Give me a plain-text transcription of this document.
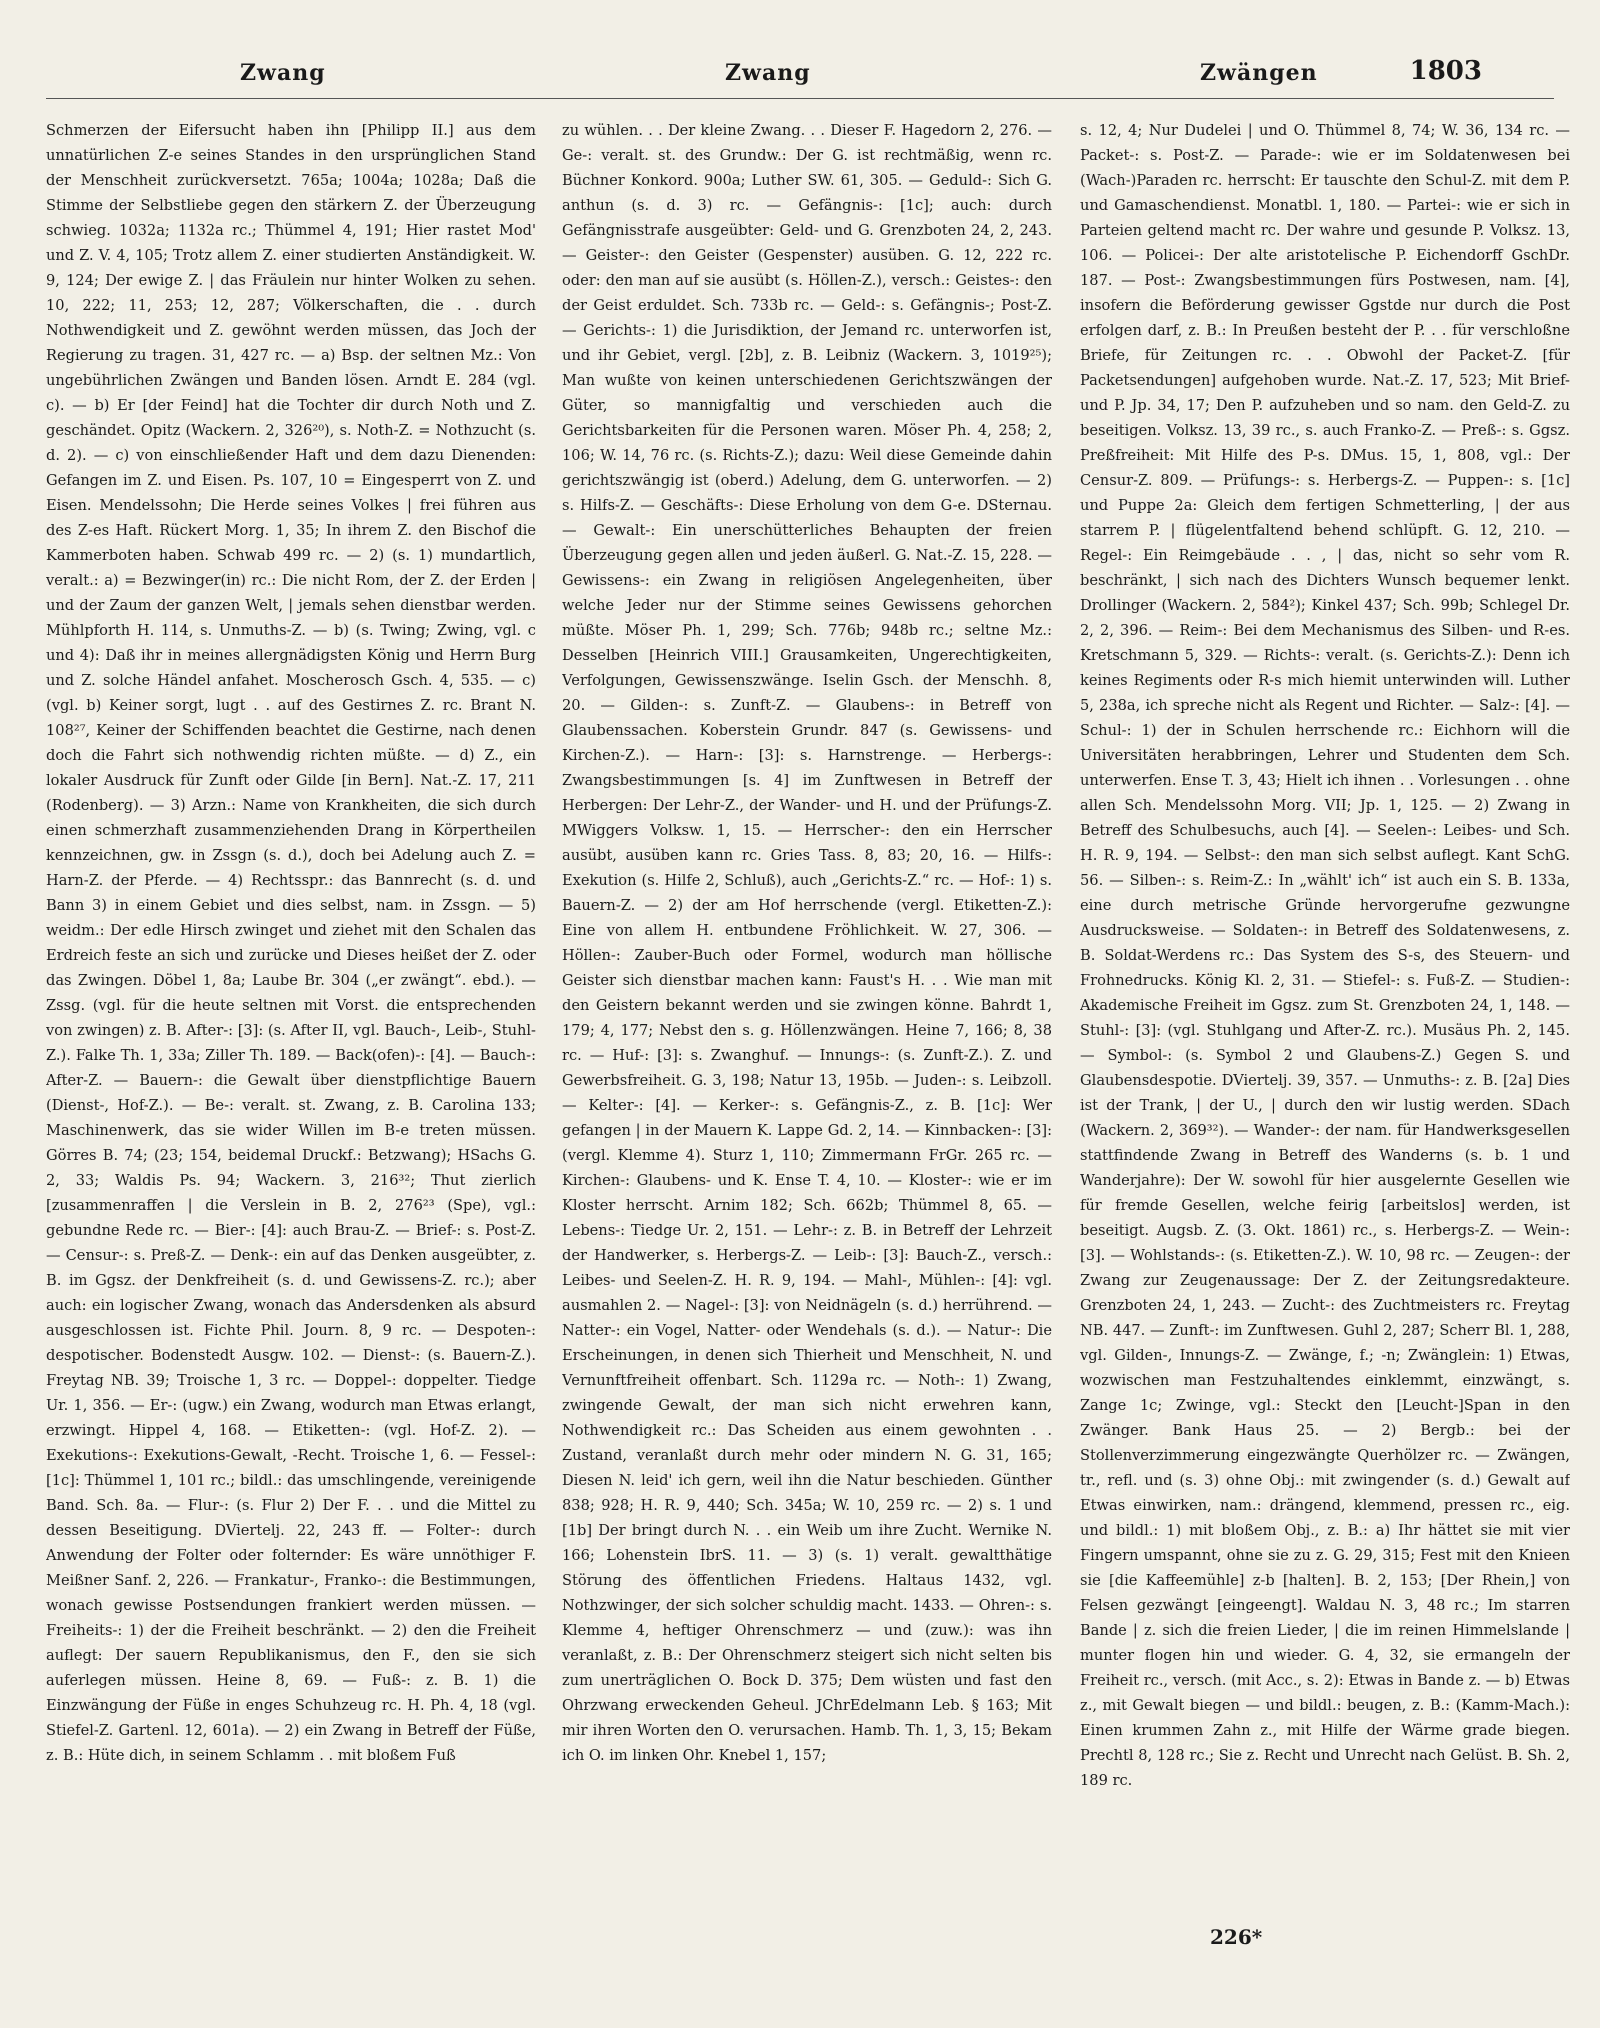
Zwang	Zwang	Zwängen	1803

Schmerzen der Eifersucht haben ihn [Philipp II.] aus dem unnatürlichen Z-e seines Standes in den ursprünglichen Stand der Menschheit zurückversetzt. 765a; 1004a; 1028a; Daß die Stimme der Selbstliebe gegen den stärkern Z. der Überzeugung schwieg. 1032a; 1132a rc.; Thümmel 4, 191; Hier rastet Mod' und Z. V. 4, 105; Trotz allem Z. einer studierten Anständigkeit. W. 9, 124; Der ewige Z. | das Fräulein nur hinter Wolken zu sehen. 10, 222; 11, 253; 12, 287; Völkerschaften, die . . durch Nothwendigkeit und Z. gewöhnt werden müssen, das Joch der Regierung zu tragen. 31, 427 rc. — a) Bsp. der seltnen Mz.: Von ungebührlichen Zwängen und Banden lösen. Arndt E. 284 (vgl. c). — b) Er [der Feind] hat die Tochter dir durch Noth und Z. geschändet. Opitz (Wackern. 2, 326²⁰), s. Noth-Z. = Nothzucht (s. d. 2). — c) von einschließender Haft und dem dazu Dienenden: Gefangen im Z. und Eisen. Ps. 107, 10 = Eingesperrt von Z. und Eisen. Mendelssohn; Die Herde seines Volkes | frei führen aus des Z-es Haft. Rückert Morg. 1, 35; In ihrem Z. den Bischof die Kammerboten haben. Schwab 499 rc. — 2) (s. 1) mundartlich, veralt.: a) = Bezwinger(in) rc.: Die nicht Rom, der Z. der Erden | und der Zaum der ganzen Welt, | jemals sehen dienstbar werden. Mühlpforth H. 114, s. Unmuths-Z. — b) (s. Twing; Zwing, vgl. c und 4): Daß ihr in meines allergnädigsten König und Herrn Burg und Z. solche Händel anfahet. Moscherosch Gsch. 4, 535. — c) (vgl. b) Keiner sorgt, lugt . . auf des Gestirnes Z. rc. Brant N. 108²⁷, Keiner der Schiffenden beachtet die Gestirne, nach denen doch die Fahrt sich nothwendig richten müßte. — d) Z., ein lokaler Ausdruck für Zunft oder Gilde [in Bern]. Nat.-Z. 17, 211 (Rodenberg). — 3) Arzn.: Name von Krankheiten, die sich durch einen schmerzhaft zusammenziehenden Drang in Körpertheilen kennzeichnen, gw. in Zssgn (s. d.), doch bei Adelung auch Z. = Harn-Z. der Pferde. — 4) Rechtsspr.: das Bannrecht (s. d. und Bann 3) in einem Gebiet und dies selbst, nam. in Zssgn. — 5) weidm.: Der edle Hirsch zwinget und ziehet mit den Schalen das Erdreich feste an sich und zurücke und Dieses heißet der Z. oder das Zwingen. Döbel 1, 8a; Laube Br. 304 („er zwängt“. ebd.). — Zssg. (vgl. für die heute seltnen mit Vorst. die entsprechenden von zwingen) z. B. After-: [3]: (s. After II, vgl. Bauch-, Leib-, Stuhl-Z.). Falke Th. 1, 33a; Ziller Th. 189. — Back(ofen)-: [4]. — Bauch-: After-Z. — Bauern-: die Gewalt über dienstpflichtige Bauern (Dienst-, Hof-Z.). — Be-: veralt. st. Zwang, z. B. Carolina 133; Maschinenwerk, das sie wider Willen im B-e treten müssen. Görres B. 74; (23; 154, beidemal Druckf.: Betzwang); HSachs G. 2, 33; Waldis Ps. 94; Wackern. 3, 216³²; Thut zierlich [zusammenraffen | die Verslein in B. 2, 276²³ (Spe), vgl.: gebundne Rede rc. — Bier-: [4]: auch Brau-Z. — Brief-: s. Post-Z. — Censur-: s. Preß-Z. — Denk-: ein auf das Denken ausgeübter, z. B. im Ggsz. der Denkfreiheit (s. d. und Gewissens-Z. rc.); aber auch: ein logischer Zwang, wonach das Andersdenken als absurd ausgeschlossen ist. Fichte Phil. Journ. 8, 9 rc. — Despoten-: despotischer. Bodenstedt Ausgw. 102. — Dienst-: (s. Bauern-Z.). Freytag NB. 39; Troische 1, 3 rc. — Doppel-: doppelter. Tiedge Ur. 1, 356. — Er-: (ugw.) ein Zwang, wodurch man Etwas erlangt, erzwingt. Hippel 4, 168. — Etiketten-: (vgl. Hof-Z. 2). — Exekutions-: Exekutions-Gewalt, -Recht. Troische 1, 6. — Fessel-: [1c]: Thümmel 1, 101 rc.; bildl.: das umschlingende, vereinigende Band. Sch. 8a. — Flur-: (s. Flur 2) Der F. . . und die Mittel zu dessen Beseitigung. DViertelj. 22, 243 ff. — Folter-: durch Anwendung der Folter oder folternder: Es wäre unnöthiger F. Meißner Sanf. 2, 226. — Frankatur-, Franko-: die Bestimmungen, wonach gewisse Postsendungen frankiert werden müssen. — Freiheits-: 1) der die Freiheit beschränkt. — 2) den die Freiheit auflegt: Der sauern Republikanismus, den F., den sie sich auferlegen müssen. Heine 8, 69. — Fuß-: z. B. 1) die Einzwängung der Füße in enges Schuhzeug rc. H. Ph. 4, 18 (vgl. Stiefel-Z. Gartenl. 12, 601a). — 2) ein Zwang in Betreff der Füße, z. B.: Hüte dich, in seinem Schlamm . . mit bloßem Fuß

zu wühlen. . . Der kleine Zwang. . . Dieser F. Hagedorn 2, 276. — Ge-: veralt. st. des Grundw.: Der G. ist rechtmäßig, wenn rc. Büchner Konkord. 900a; Luther SW. 61, 305. — Geduld-: Sich G. anthun (s. d. 3) rc. — Gefängnis-: [1c]; auch: durch Gefängnisstrafe ausgeübter: Geld- und G. Grenzboten 24, 2, 243. — Geister-: den Geister (Gespenster) ausüben. G. 12, 222 rc. oder: den man auf sie ausübt (s. Höllen-Z.), versch.: Geistes-: den der Geist erduldet. Sch. 733b rc. — Geld-: s. Gefängnis-; Post-Z. — Gerichts-: 1) die Jurisdiktion, der Jemand rc. unterworfen ist, und ihr Gebiet, vergl. [2b], z. B. Leibniz (Wackern. 3, 1019²⁵); Man wußte von keinen unterschiedenen Gerichtszwängen der Güter, so mannigfaltig und verschieden auch die Gerichtsbarkeiten für die Personen waren. Möser Ph. 4, 258; 2, 106; W. 14, 76 rc. (s. Richts-Z.); dazu: Weil diese Gemeinde dahin gerichtszwängig ist (oberd.) Adelung, dem G. unterworfen. — 2) s. Hilfs-Z. — Geschäfts-: Diese Erholung von dem G-e. DSternau. — Gewalt-: Ein unerschütterliches Behaupten der freien Überzeugung gegen allen und jeden äußerl. G. Nat.-Z. 15, 228. — Gewissens-: ein Zwang in religiösen Angelegenheiten, über welche Jeder nur der Stimme seines Gewissens gehorchen müßte. Möser Ph. 1, 299; Sch. 776b; 948b rc.; seltne Mz.: Desselben [Heinrich VIII.] Grausamkeiten, Ungerechtigkeiten, Verfolgungen, Gewissenszwänge. Iselin Gsch. der Menschh. 8, 20. — Gilden-: s. Zunft-Z. — Glaubens-: in Betreff von Glaubenssachen. Koberstein Grundr. 847 (s. Gewissens- und Kirchen-Z.). — Harn-: [3]: s. Harnstrenge. — Herbergs-: Zwangsbestimmungen [s. 4] im Zunftwesen in Betreff der Herbergen: Der Lehr-Z., der Wander- und H. und der Prüfungs-Z. MWiggers Volksw. 1, 15. — Herrscher-: den ein Herrscher ausübt, ausüben kann rc. Gries Tass. 8, 83; 20, 16. — Hilfs-: Exekution (s. Hilfe 2, Schluß), auch „Gerichts-Z.“ rc. — Hof-: 1) s. Bauern-Z. — 2) der am Hof herrschende (vergl. Etiketten-Z.): Eine von allem H. entbundene Fröhlichkeit. W. 27, 306. — Höllen-: Zauber-Buch oder Formel, wodurch man höllische Geister sich dienstbar machen kann: Faust's H. . . Wie man mit den Geistern bekannt werden und sie zwingen könne. Bahrdt 1, 179; 4, 177; Nebst den s. g. Höllenzwängen. Heine 7, 166; 8, 38 rc. — Huf-: [3]: s. Zwanghuf. — Innungs-: (s. Zunft-Z.). Z. und Gewerbsfreiheit. G. 3, 198; Natur 13, 195b. — Juden-: s. Leibzoll. — Kelter-: [4]. — Kerker-: s. Gefängnis-Z., z. B. [1c]: Wer gefangen | in der Mauern K. Lappe Gd. 2, 14. — Kinnbacken-: [3]: (vergl. Klemme 4). Sturz 1, 110; Zimmermann FrGr. 265 rc. — Kirchen-: Glaubens- und K. Ense T. 4, 10. — Kloster-: wie er im Kloster herrscht. Arnim 182; Sch. 662b; Thümmel 8, 65. — Lebens-: Tiedge Ur. 2, 151. — Lehr-: z. B. in Betreff der Lehrzeit der Handwerker, s. Herbergs-Z. — Leib-: [3]: Bauch-Z., versch.: Leibes- und Seelen-Z. H. R. 9, 194. — Mahl-, Mühlen-: [4]: vgl. ausmahlen 2. — Nagel-: [3]: von Neidnägeln (s. d.) herrührend. — Natter-: ein Vogel, Natter- oder Wendehals (s. d.). — Natur-: Die Erscheinungen, in denen sich Thierheit und Menschheit, N. und Vernunftfreiheit offenbart. Sch. 1129a rc. — Noth-: 1) Zwang, zwingende Gewalt, der man sich nicht erwehren kann, Nothwendigkeit rc.: Das Scheiden aus einem gewohnten . . Zustand, veranlaßt durch mehr oder mindern N. G. 31, 165; Diesen N. leid' ich gern, weil ihn die Natur beschieden. Günther 838; 928; H. R. 9, 440; Sch. 345a; W. 10, 259 rc. — 2) s. 1 und [1b] Der bringt durch N. . . ein Weib um ihre Zucht. Wernike N. 166; Lohenstein IbrS. 11. — 3) (s. 1) veralt. gewaltthätige Störung des öffentlichen Friedens. Haltaus 1432, vgl. Nothzwinger, der sich solcher schuldig macht. 1433. — Ohren-: s. Klemme 4, heftiger Ohrenschmerz — und (zuw.): was ihn veranlaßt, z. B.: Der Ohrenschmerz steigert sich nicht selten bis zum unerträglichen O. Bock D. 375; Dem wüsten und fast den Ohrzwang erweckenden Geheul. JChrEdelmann Leb. § 163; Mit mir ihren Worten den O. verursachen. Hamb. Th. 1, 3, 15; Bekam ich O. im linken Ohr. Knebel 1, 157;

s. 12, 4; Nur Dudelei | und O. Thümmel 8, 74; W. 36, 134 rc. — Packet-: s. Post-Z. — Parade-: wie er im Soldatenwesen bei (Wach-)Paraden rc. herrscht: Er tauschte den Schul-Z. mit dem P. und Gamaschendienst. Monatbl. 1, 180. — Partei-: wie er sich in Parteien geltend macht rc. Der wahre und gesunde P. Volksz. 13, 106. — Policei-: Der alte aristotelische P. Eichendorff GschDr. 187. — Post-: Zwangsbestimmungen fürs Postwesen, nam. [4], insofern die Beförderung gewisser Ggstde nur durch die Post erfolgen darf, z. B.: In Preußen besteht der P. . . für verschloßne Briefe, für Zeitungen rc. . . Obwohl der Packet-Z. [für Packetsendungen] aufgehoben wurde. Nat.-Z. 17, 523; Mit Brief- und P. Jp. 34, 17; Den P. aufzuheben und so nam. den Geld-Z. zu beseitigen. Volksz. 13, 39 rc., s. auch Franko-Z. — Preß-: s. Ggsz. Preßfreiheit: Mit Hilfe des P-s. DMus. 15, 1, 808, vgl.: Der Censur-Z. 809. — Prüfungs-: s. Herbergs-Z. — Puppen-: s. [1c] und Puppe 2a: Gleich dem fertigen Schmetterling, | der aus starrem P. | flügelentfaltend behend schlüpft. G. 12, 210. — Regel-: Ein Reimgebäude . . , | das, nicht so sehr vom R. beschränkt, | sich nach des Dichters Wunsch bequemer lenkt. Drollinger (Wackern. 2, 584²); Kinkel 437; Sch. 99b; Schlegel Dr. 2, 2, 396. — Reim-: Bei dem Mechanismus des Silben- und R-es. Kretschmann 5, 329. — Richts-: veralt. (s. Gerichts-Z.): Denn ich keines Regiments oder R-s mich hiemit unterwinden will. Luther 5, 238a, ich spreche nicht als Regent und Richter. — Salz-: [4]. — Schul-: 1) der in Schulen herrschende rc.: Eichhorn will die Universitäten herabbringen, Lehrer und Studenten dem Sch. unterwerfen. Ense T. 3, 43; Hielt ich ihnen . . Vorlesungen . . ohne allen Sch. Mendelssohn Morg. VII; Jp. 1, 125. — 2) Zwang in Betreff des Schulbesuchs, auch [4]. — Seelen-: Leibes- und Sch. H. R. 9, 194. — Selbst-: den man sich selbst auflegt. Kant SchG. 56. — Silben-: s. Reim-Z.: In „wählt' ich“ ist auch ein S. B. 133a, eine durch metrische Gründe hervorgerufne gezwungne Ausdrucksweise. — Soldaten-: in Betreff des Soldatenwesens, z. B. Soldat-Werdens rc.: Das System des S-s, des Steuern- und Frohnedrucks. König Kl. 2, 31. — Stiefel-: s. Fuß-Z. — Studien-: Akademische Freiheit im Ggsz. zum St. Grenzboten 24, 1, 148. — Stuhl-: [3]: (vgl. Stuhlgang und After-Z. rc.). Musäus Ph. 2, 145. — Symbol-: (s. Symbol 2 und Glaubens-Z.) Gegen S. und Glaubensdespotie. DViertelj. 39, 357. — Unmuths-: z. B. [2a] Dies ist der Trank, | der U., | durch den wir lustig werden. SDach (Wackern. 2, 369³²). — Wander-: der nam. für Handwerksgesellen stattfindende Zwang in Betreff des Wanderns (s. b. 1 und Wanderjahre): Der W. sowohl für hier ausgelernte Gesellen wie für fremde Gesellen, welche feirig [arbeitslos] werden, ist beseitigt. Augsb. Z. (3. Okt. 1861) rc., s. Herbergs-Z. — Wein-: [3]. — Wohlstands-: (s. Etiketten-Z.). W. 10, 98 rc. — Zeugen-: der Zwang zur Zeugenaussage: Der Z. der Zeitungsredakteure. Grenzboten 24, 1, 243. — Zucht-: des Zuchtmeisters rc. Freytag NB. 447. — Zunft-: im Zunftwesen. Guhl 2, 287; Scherr Bl. 1, 288, vgl. Gilden-, Innungs-Z. — Zwänge, f.; -n; Zwänglein: 1) Etwas, wozwischen man Festzuhaltendes einklemmt, einzwängt, s. Zange 1c; Zwinge, vgl.: Steckt den [Leucht-]Span in den Zwänger. Bank Haus 25. — 2) Bergb.: bei der Stollenverzimmerung eingezwängte Querhölzer rc. — Zwängen, tr., refl. und (s. 3) ohne Obj.: mit zwingender (s. d.) Gewalt auf Etwas einwirken, nam.: drängend, klemmend, pressen rc., eig. und bildl.: 1) mit bloßem Obj., z. B.: a) Ihr hättet sie mit vier Fingern umspannt, ohne sie zu z. G. 29, 315; Fest mit den Knieen sie [die Kaffeemühle] z-b [halten]. B. 2, 153; [Der Rhein,] von Felsen gezwängt [eingeengt]. Waldau N. 3, 48 rc.; Im starren Bande | z. sich die freien Lieder, | die im reinen Himmelslande | munter flogen hin und wieder. G. 4, 32, sie ermangeln der Freiheit rc., versch. (mit Acc., s. 2): Etwas in Bande z. — b) Etwas z., mit Gewalt biegen — und bildl.: beugen, z. B.: (Kamm-Mach.): Einen krummen Zahn z., mit Hilfe der Wärme grade biegen. Prechtl 8, 128 rc.; Sie z. Recht und Unrecht nach Gelüst. B. Sh. 2, 189 rc.

226*
